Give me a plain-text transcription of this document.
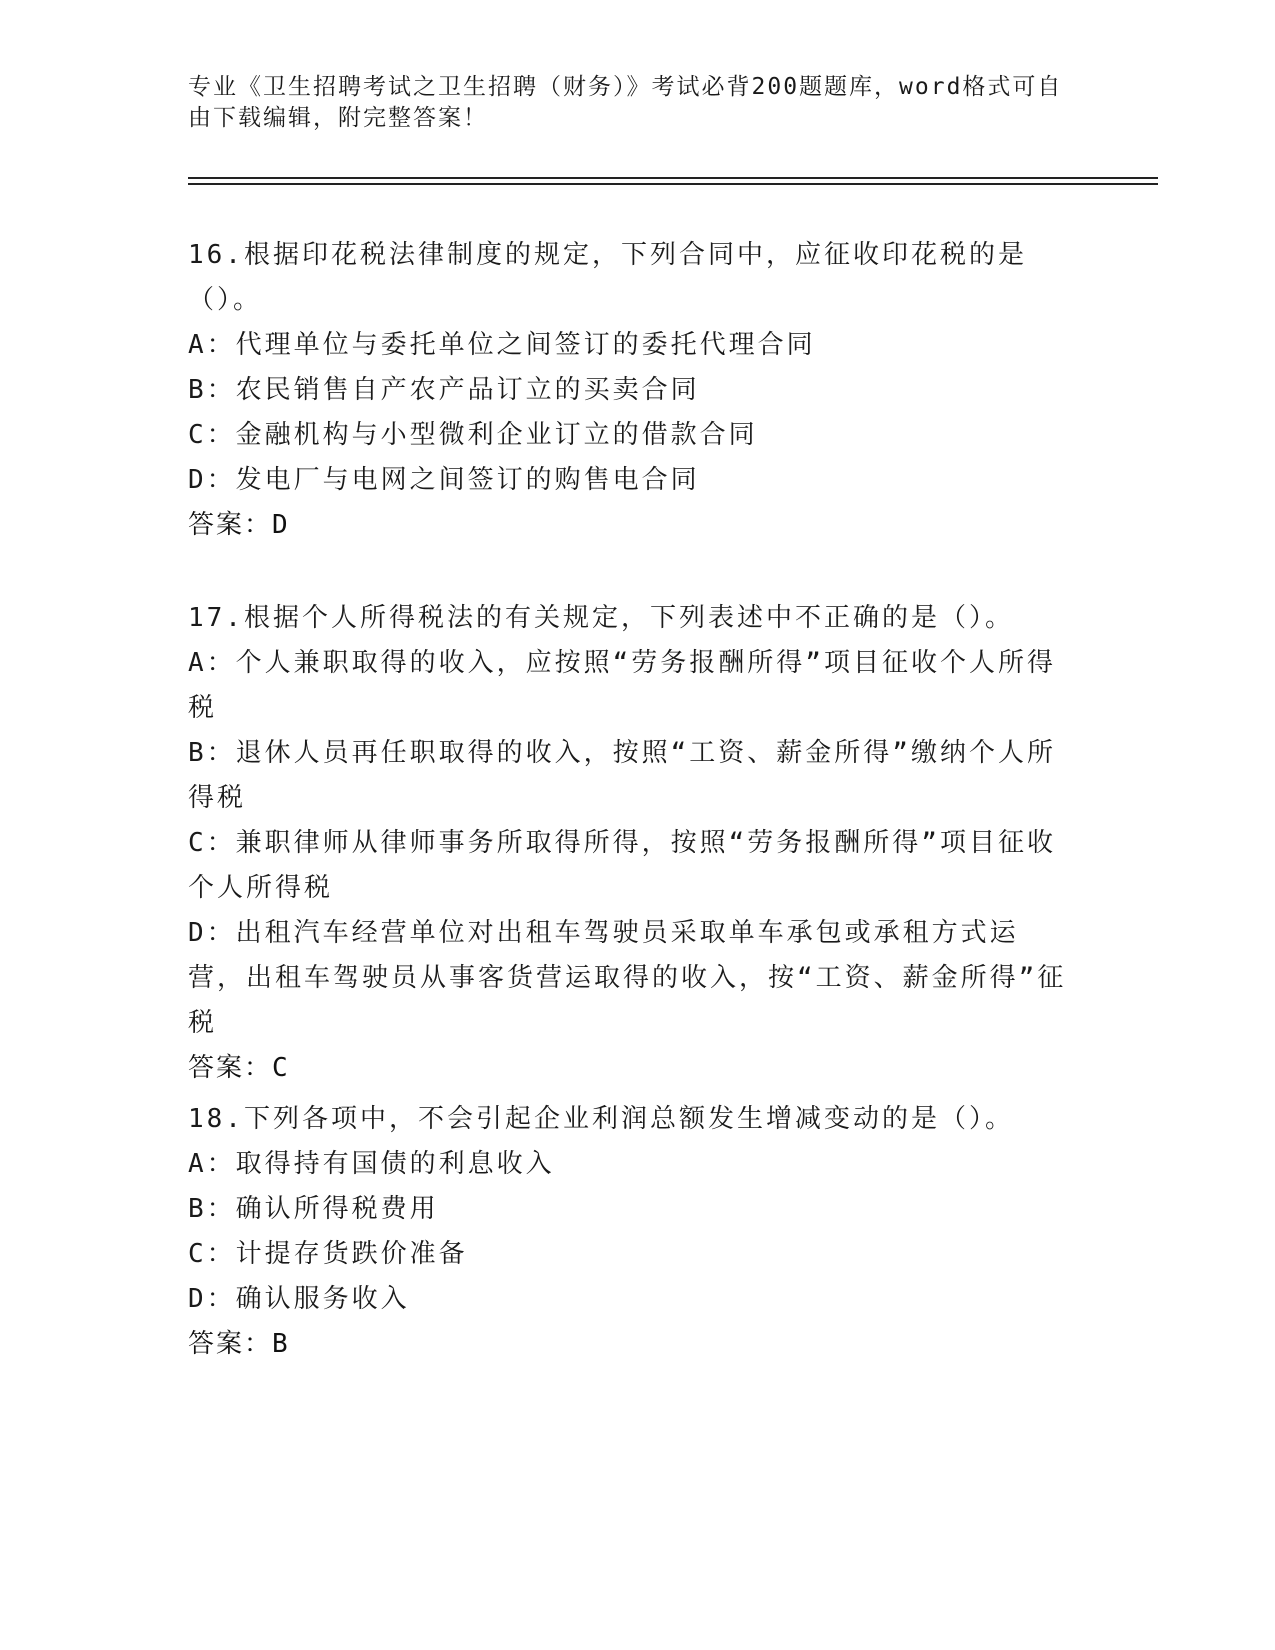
专业《卫生招聘考试之卫生招聘（财务）》考试必背200题题库，word格式可自由下载编辑，附完整答案！
16.根据印花税法律制度的规定，下列合同中，应征收印花税的是（）。
A：代理单位与委托单位之间签订的委托代理合同
B：农民销售自产农产品订立的买卖合同
C：金融机构与小型微利企业订立的借款合同
D：发电厂与电网之间签订的购售电合同
答案：D
17.根据个人所得税法的有关规定，下列表述中不正确的是（）。
A：个人兼职取得的收入，应按照“劳务报酬所得”项目征收个人所得税
B：退休人员再任职取得的收入，按照“工资、薪金所得”缴纳个人所得税
C：兼职律师从律师事务所取得所得，按照“劳务报酬所得”项目征收个人所得税
D：出租汽车经营单位对出租车驾驶员采取单车承包或承租方式运营，出租车驾驶员从事客货营运取得的收入，按“工资、薪金所得”征税
答案：C
18.下列各项中，不会引起企业利润总额发生增减变动的是（）。
A：取得持有国债的利息收入
B：确认所得税费用
C：计提存货跌价准备
D：确认服务收入
答案：B
